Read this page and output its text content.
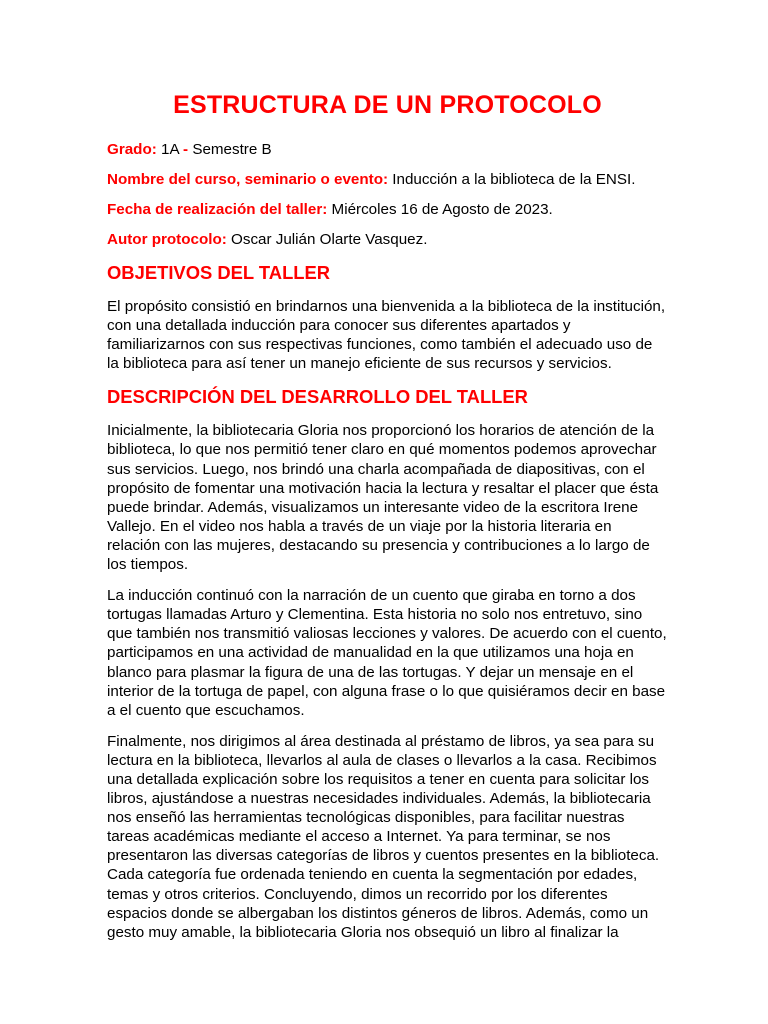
ESTRUCTURA DE UN PROTOCOLO

Grado: 1A - Semestre B

Nombre del curso, seminario o evento: Inducción a la biblioteca de la ENSI.

Fecha de realización del taller: Miércoles 16 de Agosto de 2023.

Autor protocolo: Oscar Julián Olarte Vasquez.

OBJETIVOS DEL TALLER

El propósito consistió en brindarnos una bienvenida a la biblioteca de la institución, con una detallada inducción para conocer sus diferentes apartados y familiarizarnos con sus respectivas funciones, como también el adecuado uso de la biblioteca para así tener un manejo eficiente de sus recursos y servicios.

DESCRIPCIÓN DEL DESARROLLO DEL TALLER

Inicialmente, la bibliotecaria Gloria nos proporcionó los horarios de atención de la biblioteca, lo que nos permitió tener claro en qué momentos podemos aprovechar sus servicios. Luego, nos brindó una charla acompañada de diapositivas, con el propósito de fomentar una motivación hacia la lectura y resaltar el placer que ésta puede brindar. Además, visualizamos un interesante video de la escritora Irene Vallejo. En el video nos habla a través de un viaje por la historia literaria en relación con las mujeres, destacando su presencia y contribuciones a lo largo de los tiempos.

La inducción continuó con la narración de un cuento que giraba en torno a dos tortugas llamadas Arturo y Clementina. Esta historia no solo nos entretuvo, sino que también nos transmitió valiosas lecciones y valores. De acuerdo con el cuento, participamos en una actividad de manualidad en la que utilizamos una hoja en blanco para plasmar la figura de una de las tortugas. Y dejar un mensaje en el interior de la tortuga de papel, con alguna frase o lo que quisiéramos decir en base a el cuento que escuchamos.

Finalmente, nos dirigimos al área destinada al préstamo de libros, ya sea para su lectura en la biblioteca, llevarlos al aula de clases o llevarlos a la casa. Recibimos una detallada explicación sobre los requisitos a tener en cuenta para solicitar los libros, ajustándose a nuestras necesidades individuales. Además, la bibliotecaria nos enseñó las herramientas tecnológicas disponibles, para facilitar nuestras tareas académicas mediante el acceso a Internet. Ya para terminar, se nos presentaron las diversas categorías de libros y cuentos presentes en la biblioteca. Cada categoría fue ordenada teniendo en cuenta la segmentación por edades, temas y otros criterios. Concluyendo, dimos un recorrido por los diferentes espacios donde se albergaban los distintos géneros de libros. Además, como un gesto muy amable, la bibliotecaria Gloria nos obsequió un libro al finalizar la
